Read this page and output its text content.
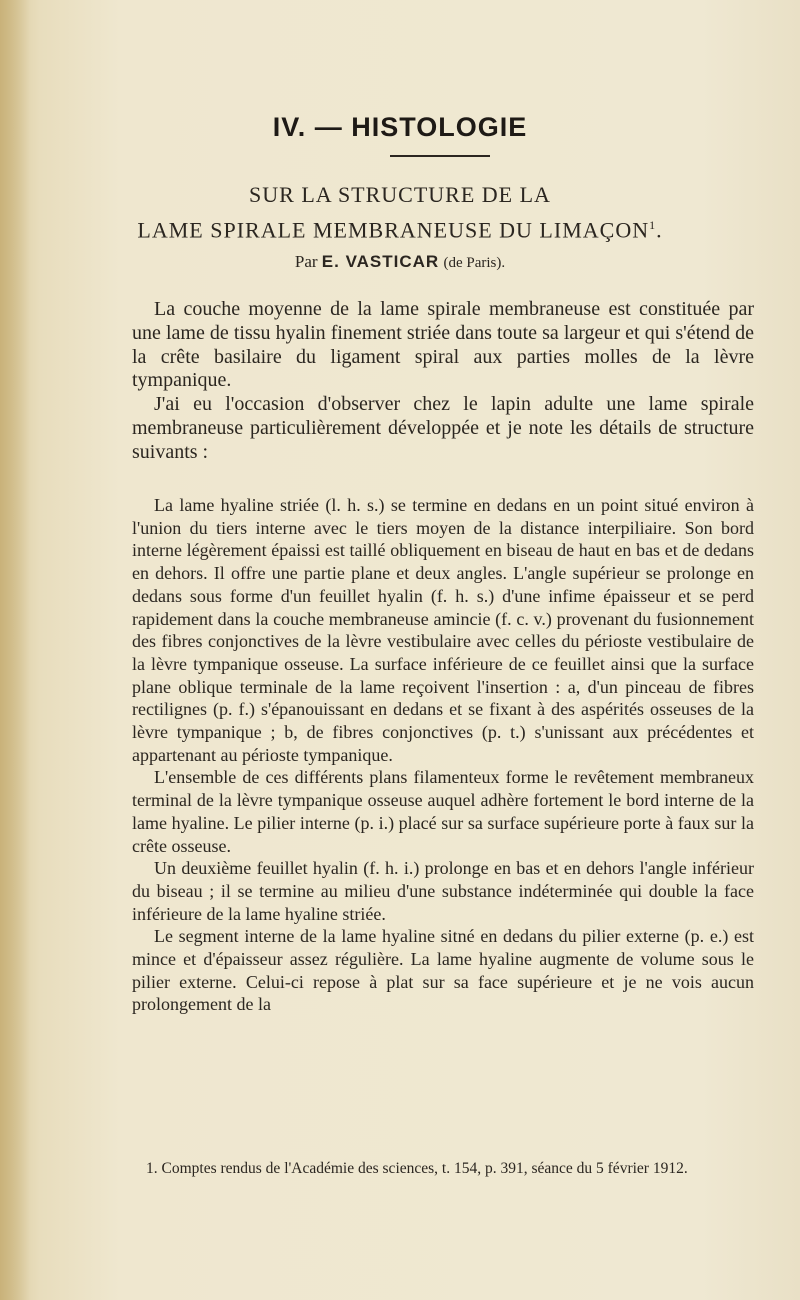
IV. — HISTOLOGIE
SUR LA STRUCTURE DE LA
LAME SPIRALE MEMBRANEUSE DU LIMAÇON$^1$.
Par E. VASTICAR (de Paris).

La couche moyenne de la lame spirale membraneuse est constituée par une lame de tissu hyalin finement striée dans toute sa largeur et qui s'étend de la crête basilaire du ligament spiral aux parties molles de la lèvre tympanique.

J'ai eu l'occasion d'observer chez le lapin adulte une lame spirale membraneuse particulièrement développée et je note les détails de structure suivants :

La lame hyaline striée (l. h. s.) se termine en dedans en un point situé environ à l'union du tiers interne avec le tiers moyen de la distance interpiliaire. Son bord interne légèrement épaissi est taillé obliquement en biseau de haut en bas et de dedans en dehors. Il offre une partie plane et deux angles. L'angle supérieur se prolonge en dedans sous forme d'un feuillet hyalin (f. h. s.) d'une infime épaisseur et se perd rapidement dans la couche membraneuse amincie (f. c. v.) provenant du fusionnement des fibres conjonctives de la lèvre vestibulaire avec celles du périoste vestibulaire de la lèvre tympanique osseuse. La surface inférieure de ce feuillet ainsi que la surface plane oblique terminale de la lame reçoivent l'insertion : a, d'un pinceau de fibres rectilignes (p. f.) s'épanouissant en dedans et se fixant à des aspérités osseuses de la lèvre tympanique ; b, de fibres conjonctives (p. t.) s'unissant aux précédentes et appartenant au périoste tympanique.

L'ensemble de ces différents plans filamenteux forme le revêtement membraneux terminal de la lèvre tympanique osseuse auquel adhère fortement le bord interne de la lame hyaline. Le pilier interne (p. i.) placé sur sa surface supérieure porte à faux sur la crête osseuse.

Un deuxième feuillet hyalin (f. h. i.) prolonge en bas et en dehors l'angle inférieur du biseau ; il se termine au milieu d'une substance indéterminée qui double la face inférieure de la lame hyaline striée.

Le segment interne de la lame hyaline sitné en dedans du pilier externe (p. e.) est mince et d'épaisseur assez régulière. La lame hyaline augmente de volume sous le pilier externe. Celui-ci repose à plat sur sa face supérieure et je ne vois aucun prolongement de la

1. Comptes rendus de l'Académie des sciences, t. 154, p. 391, séance du 5 février 1912.
